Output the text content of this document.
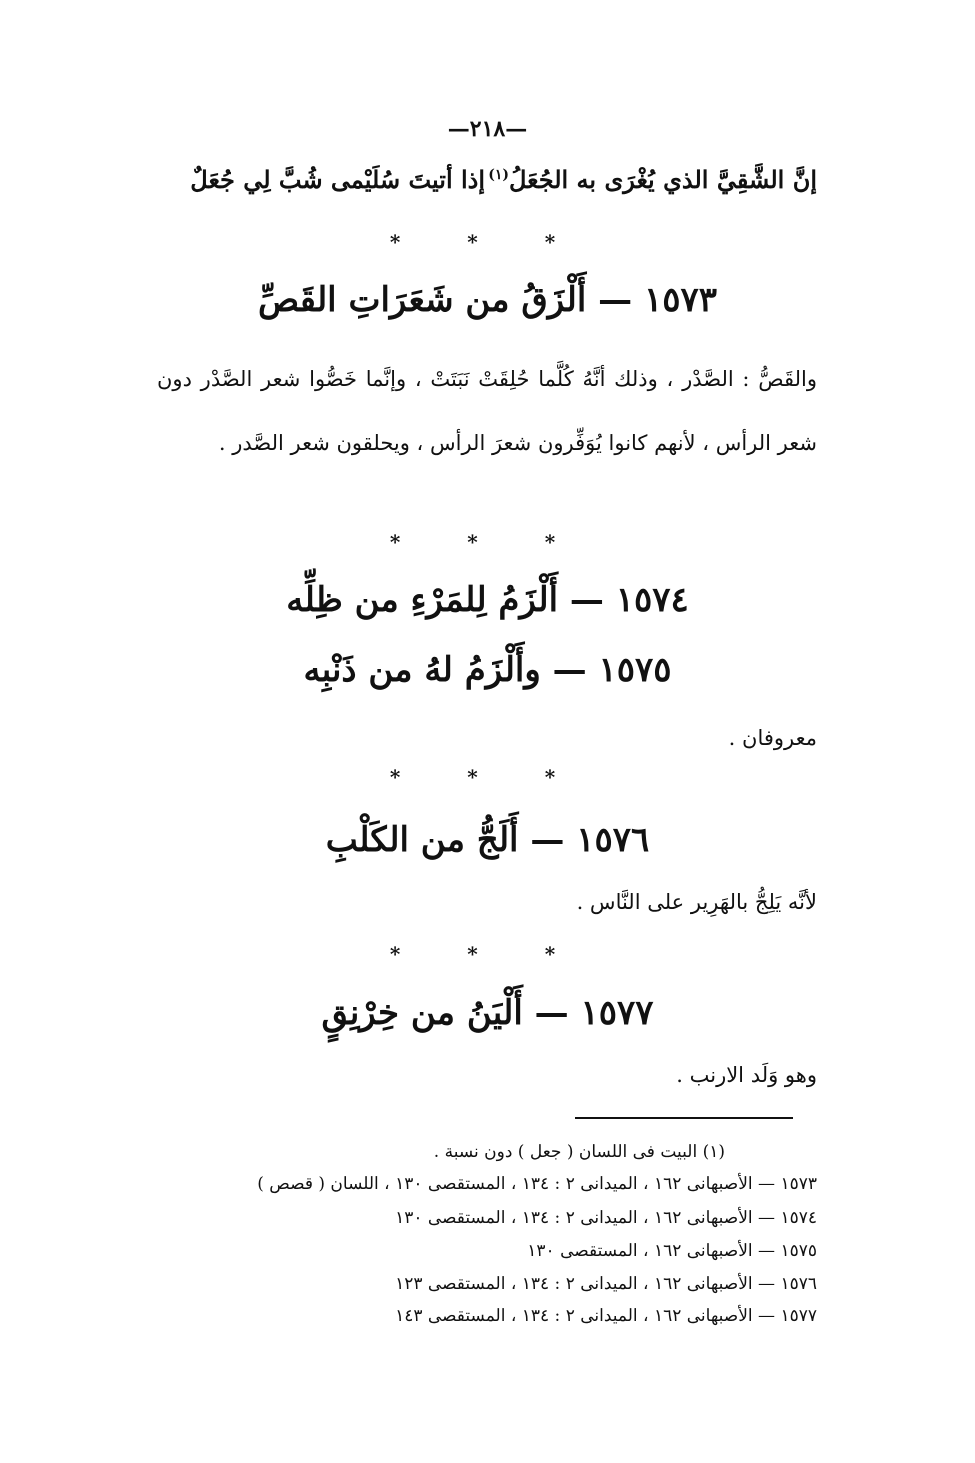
—٢١٨—
إنَّ الشَّقِيَّ الذي يُغْرَى به الجُعَلُ$^{(١)}$
إذا أتيتَ سُلَيْمى شُبَّ لِي جُعَلٌ
* * *
١٥٧٣ — أَلْزَقُ من شَعَرَاتِ القَصِّ
والقَصُّ : الصَّدْر ، وذلك أنَّهُ كُلَّما حُلِقَتْ نَبَتَتْ ، وإنَّما خَصُّوا شعر الصَّدْر دون شعر الرأس ، لأنهم كانوا يُوَفِّرون شعرَ الرأس ، ويحلقون شعر الصَّدر .
* * *
١٥٧٤ — أَلْزَمُ لِلمَرْءِ من ظِلِّه
١٥٧٥ — وأَلْزَمُ لهُ من ذَنْبِه
معروفان .
* * *
١٥٧٦ — أَلَجُّ من الكَلْبِ
لأنَّه يَلِجُّ بالهَرِير على النَّاس .
* * *
١٥٧٧ — أَلْيَنُ من خِرْنِقٍ
وهو وَلَد الارنب .
(١) البيت فى اللسان ( جعل ) دون نسبة .
١٥٧٣ — الأصبهانى ١٦٢ ، الميدانى ٢ : ١٣٤ ، المستقصى ١٣٠ ، اللسان ( قصص )
١٥٧٤ — الأصبهانى ١٦٢ ، الميدانى ٢ : ١٣٤ ، المستقصى ١٣٠
١٥٧٥ — الأصبهانى ١٦٢ ، المستقصى ١٣٠
١٥٧٦ — الأصبهانى ١٦٢ ، الميدانى ٢ : ١٣٤ ، المستقصى ١٢٣
١٥٧٧ — الأصبهانى ١٦٢ ، الميدانى ٢ : ١٣٤ ، المستقصى ١٤٣
